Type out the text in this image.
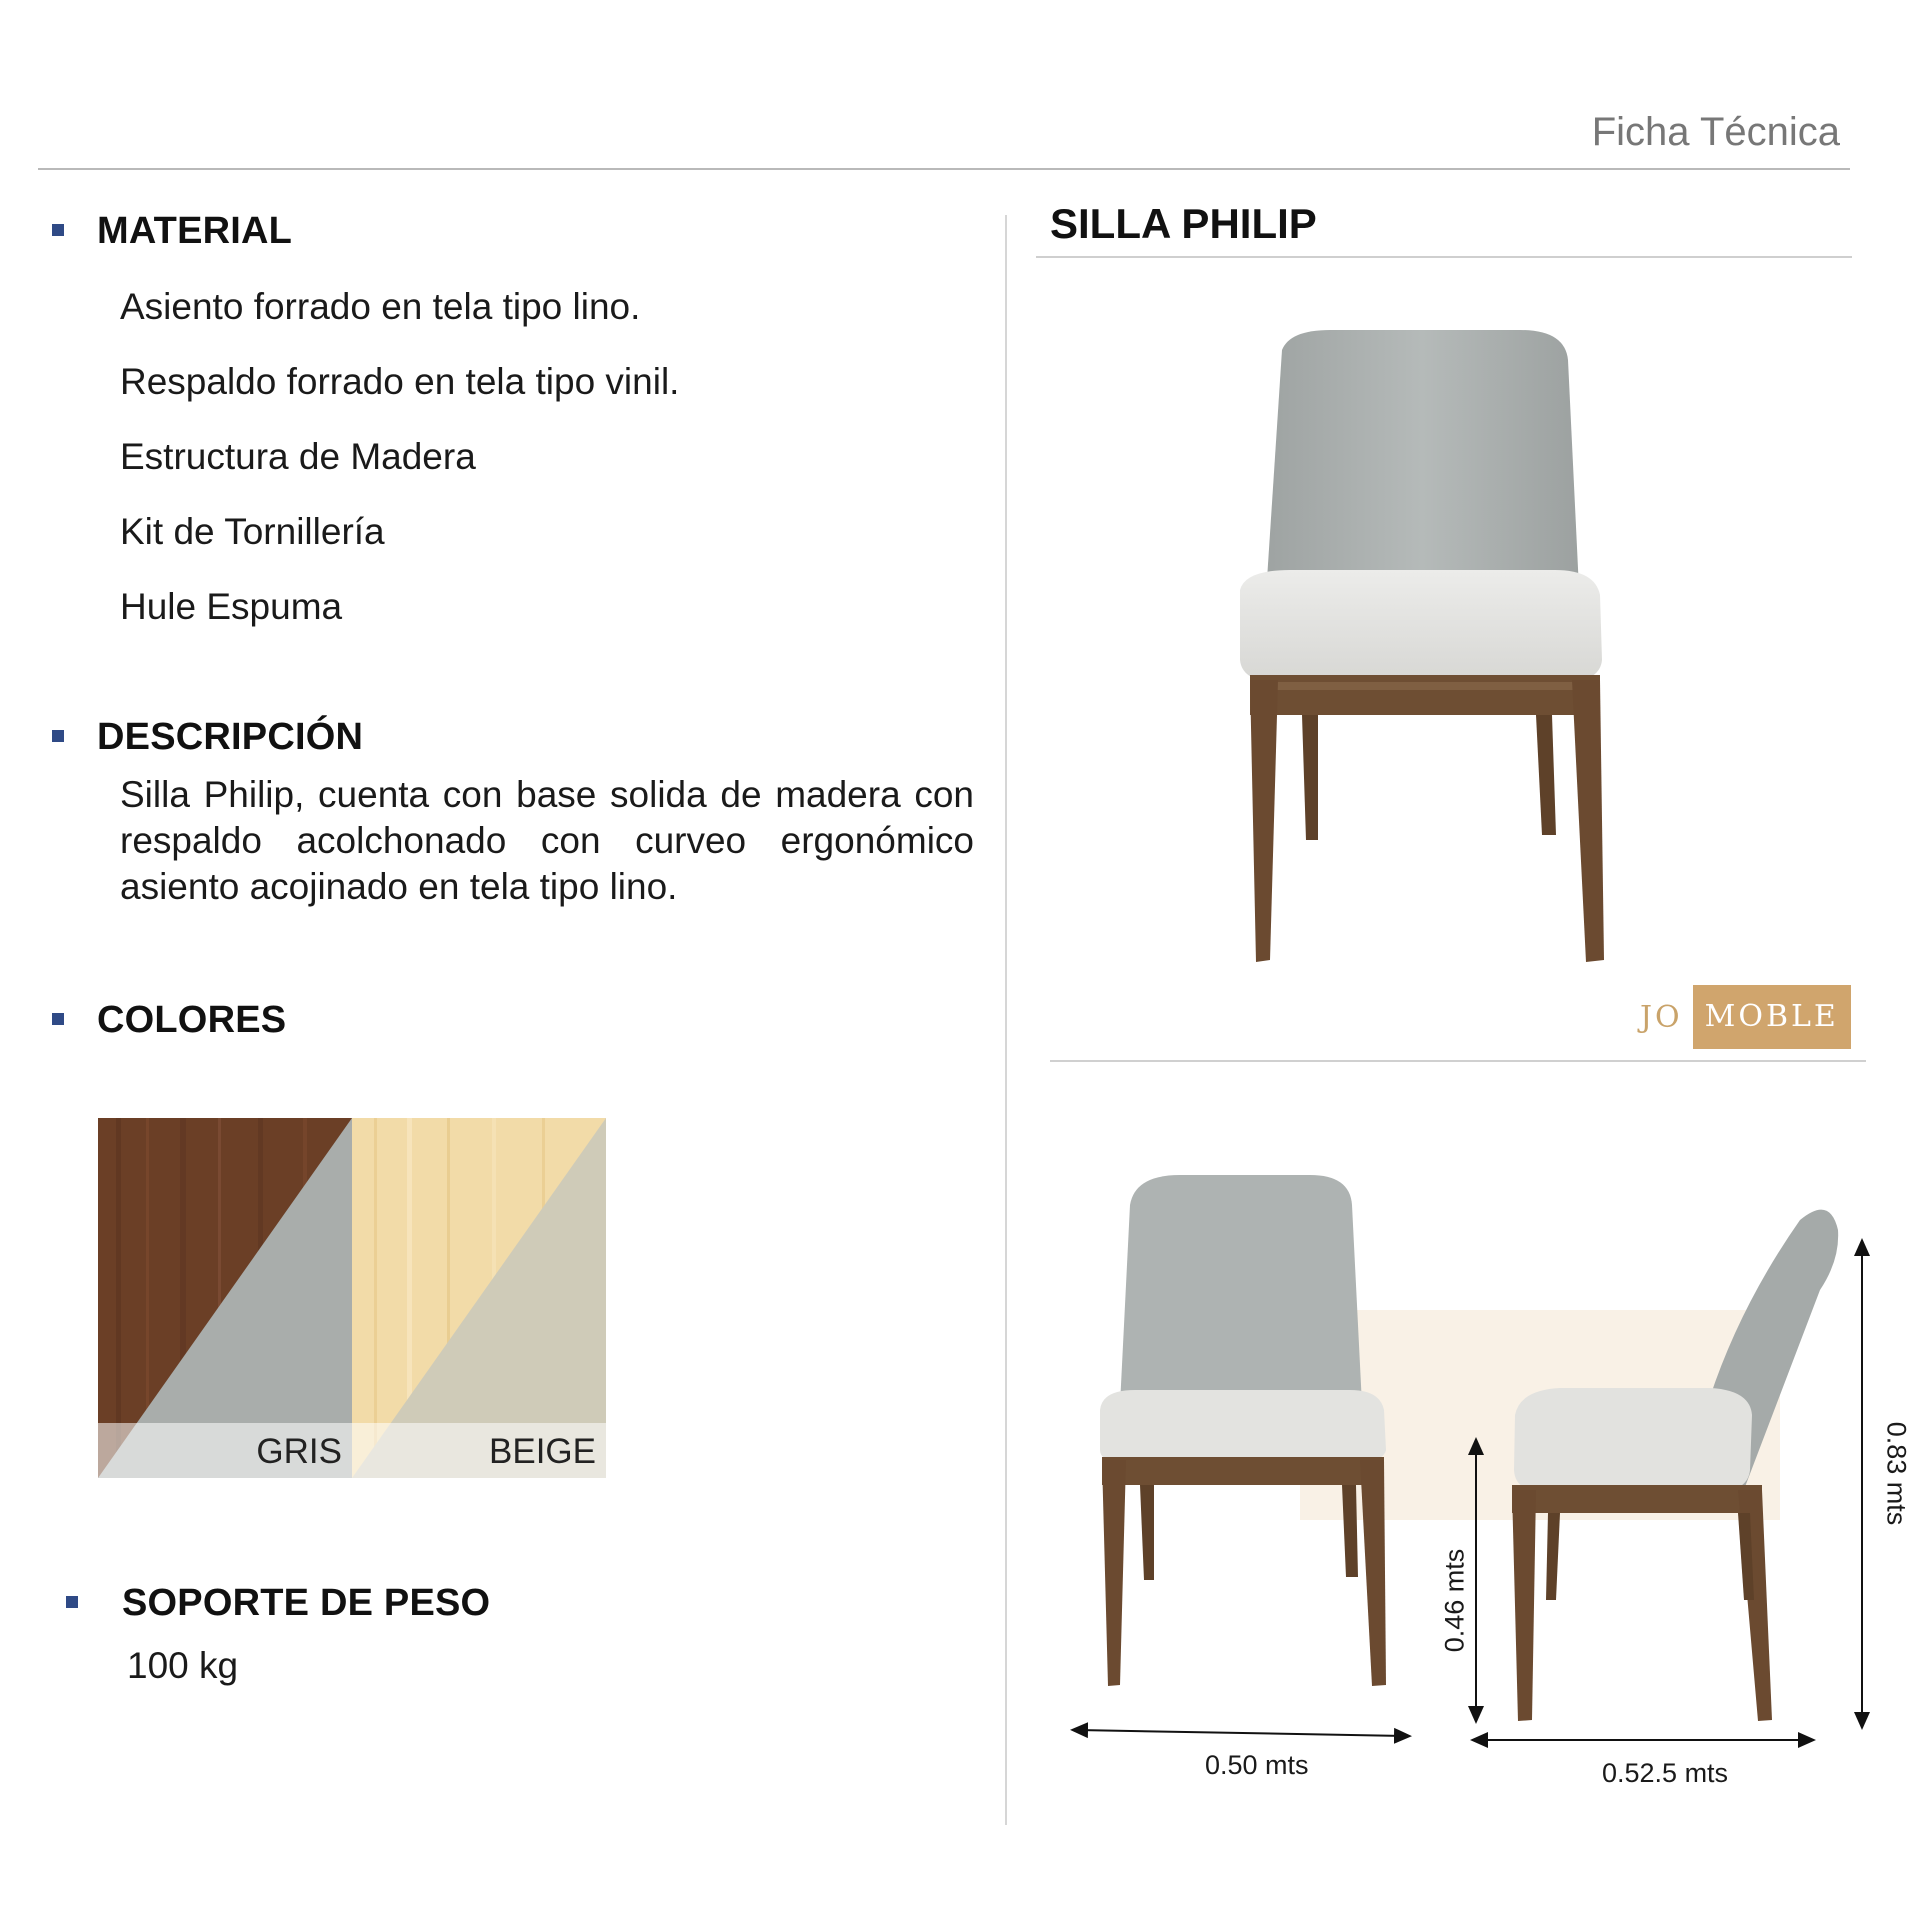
Ficha Técnica
MATERIAL
Asiento forrado en tela tipo lino.
Respaldo forrado en tela tipo vinil.
Estructura de Madera
Kit de Tornillería
Hule Espuma
DESCRIPCIÓN
Silla Philip, cuenta con base solida de madera con respaldo acolchonado con curveo ergonómico asiento acojinado en tela tipo lino.
COLORES
GRIS	BEIGE
SOPORTE DE PESO
100 kg
SILLA PHILIP
JO MOBLE
0.50 mts	0.52.5 mts
0.46 mts
0.83 mts
